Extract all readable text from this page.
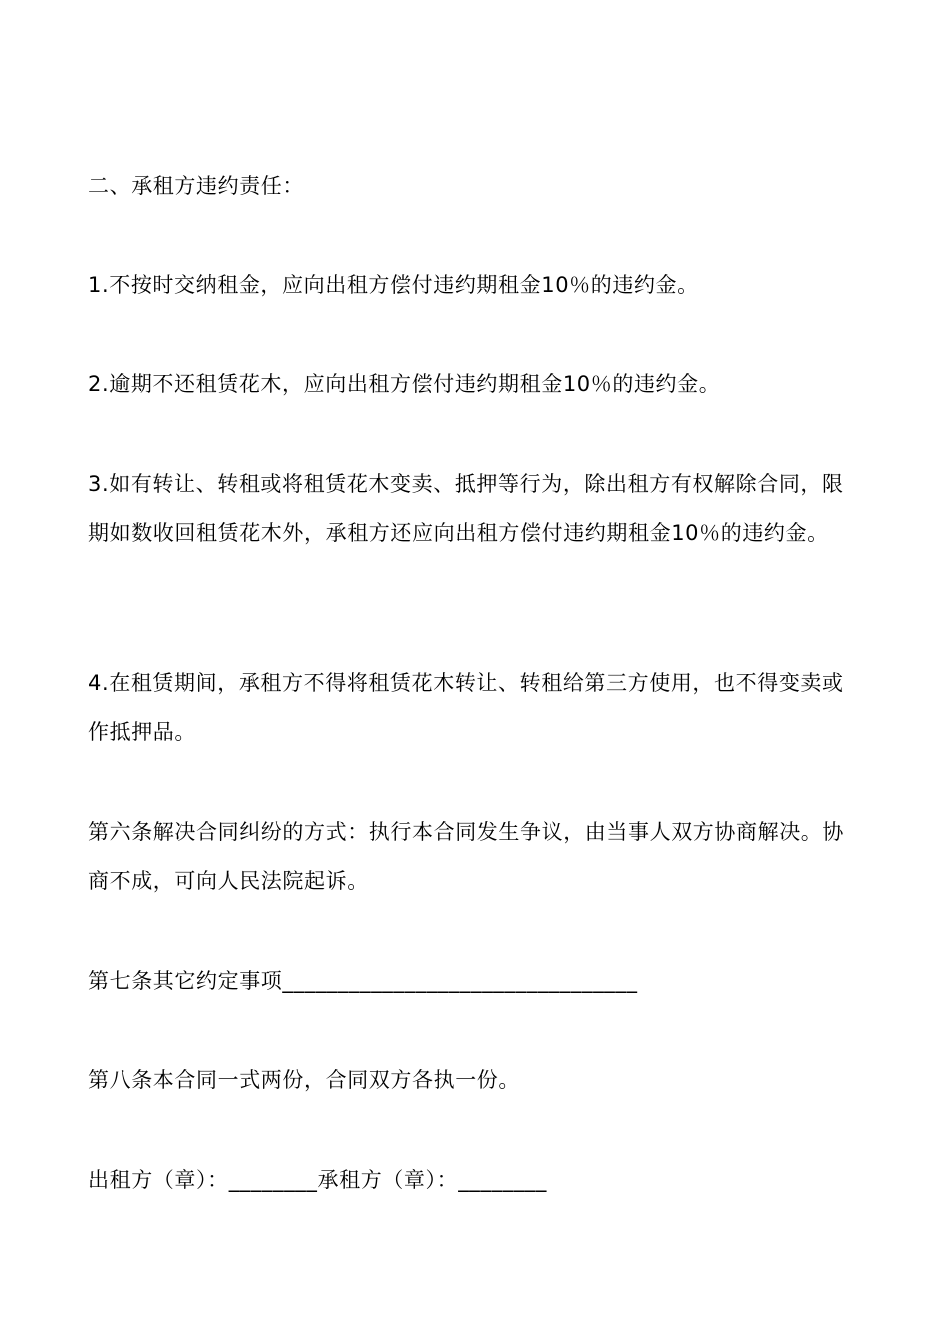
二、承租方违约责任：

1.不按时交纳租金，应向出租方偿付违约期租金10％的违约金。

2.逾期不还租赁花木，应向出租方偿付违约期租金10％的违约金。

3.如有转让、转租或将租赁花木变卖、抵押等行为，除出租方有权解除合同，限期如数收回租赁花木外，承租方还应向出租方偿付违约期租金10％的违约金。

4.在租赁期间，承租方不得将租赁花木转让、转租给第三方使用，也不得变卖或作抵押品。

第六条解决合同纠纷的方式：执行本合同发生争议，由当事人双方协商解决。协商不成，可向人民法院起诉。

第七条其它约定事项________________________________

第八条本合同一式两份，合同双方各执一份。

出租方（章）：________承租方（章）：________
